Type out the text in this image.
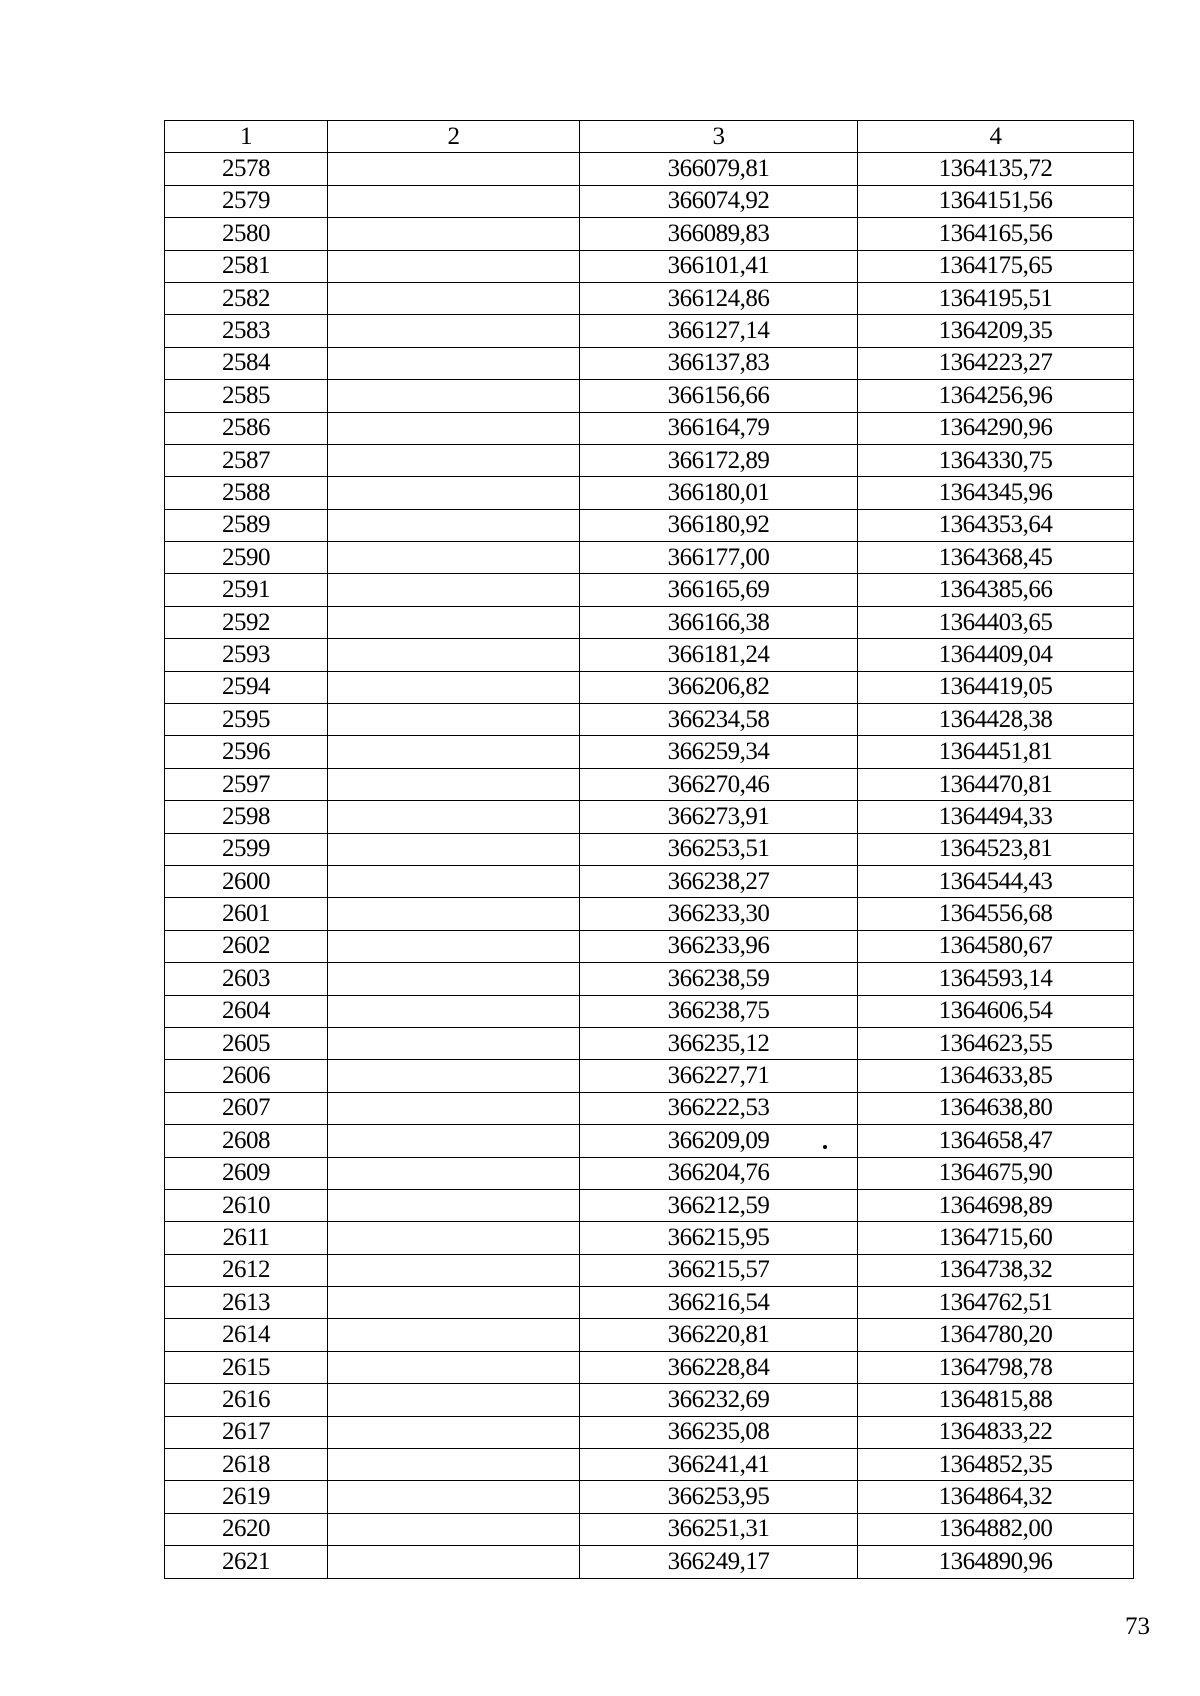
1	2	3	4
2578		366079,81	1364135,72
2579		366074,92	1364151,56
2580		366089,83	1364165,56
2581		366101,41	1364175,65
2582		366124,86	1364195,51
2583		366127,14	1364209,35
2584		366137,83	1364223,27
2585		366156,66	1364256,96
2586		366164,79	1364290,96
2587		366172,89	1364330,75
2588		366180,01	1364345,96
2589		366180,92	1364353,64
2590		366177,00	1364368,45
2591		366165,69	1364385,66
2592		366166,38	1364403,65
2593		366181,24	1364409,04
2594		366206,82	1364419,05
2595		366234,58	1364428,38
2596		366259,34	1364451,81
2597		366270,46	1364470,81
2598		366273,91	1364494,33
2599		366253,51	1364523,81
2600		366238,27	1364544,43
2601		366233,30	1364556,68
2602		366233,96	1364580,67
2603		366238,59	1364593,14
2604		366238,75	1364606,54
2605		366235,12	1364623,55
2606		366227,71	1364633,85
2607		366222,53	1364638,80
2608		366209,09	1364658,47
2609		366204,76	1364675,90
2610		366212,59	1364698,89
2611		366215,95	1364715,60
2612		366215,57	1364738,32
2613		366216,54	1364762,51
2614		366220,81	1364780,20
2615		366228,84	1364798,78
2616		366232,69	1364815,88
2617		366235,08	1364833,22
2618		366241,41	1364852,35
2619		366253,95	1364864,32
2620		366251,31	1364882,00
2621		366249,17	1364890,96
73
